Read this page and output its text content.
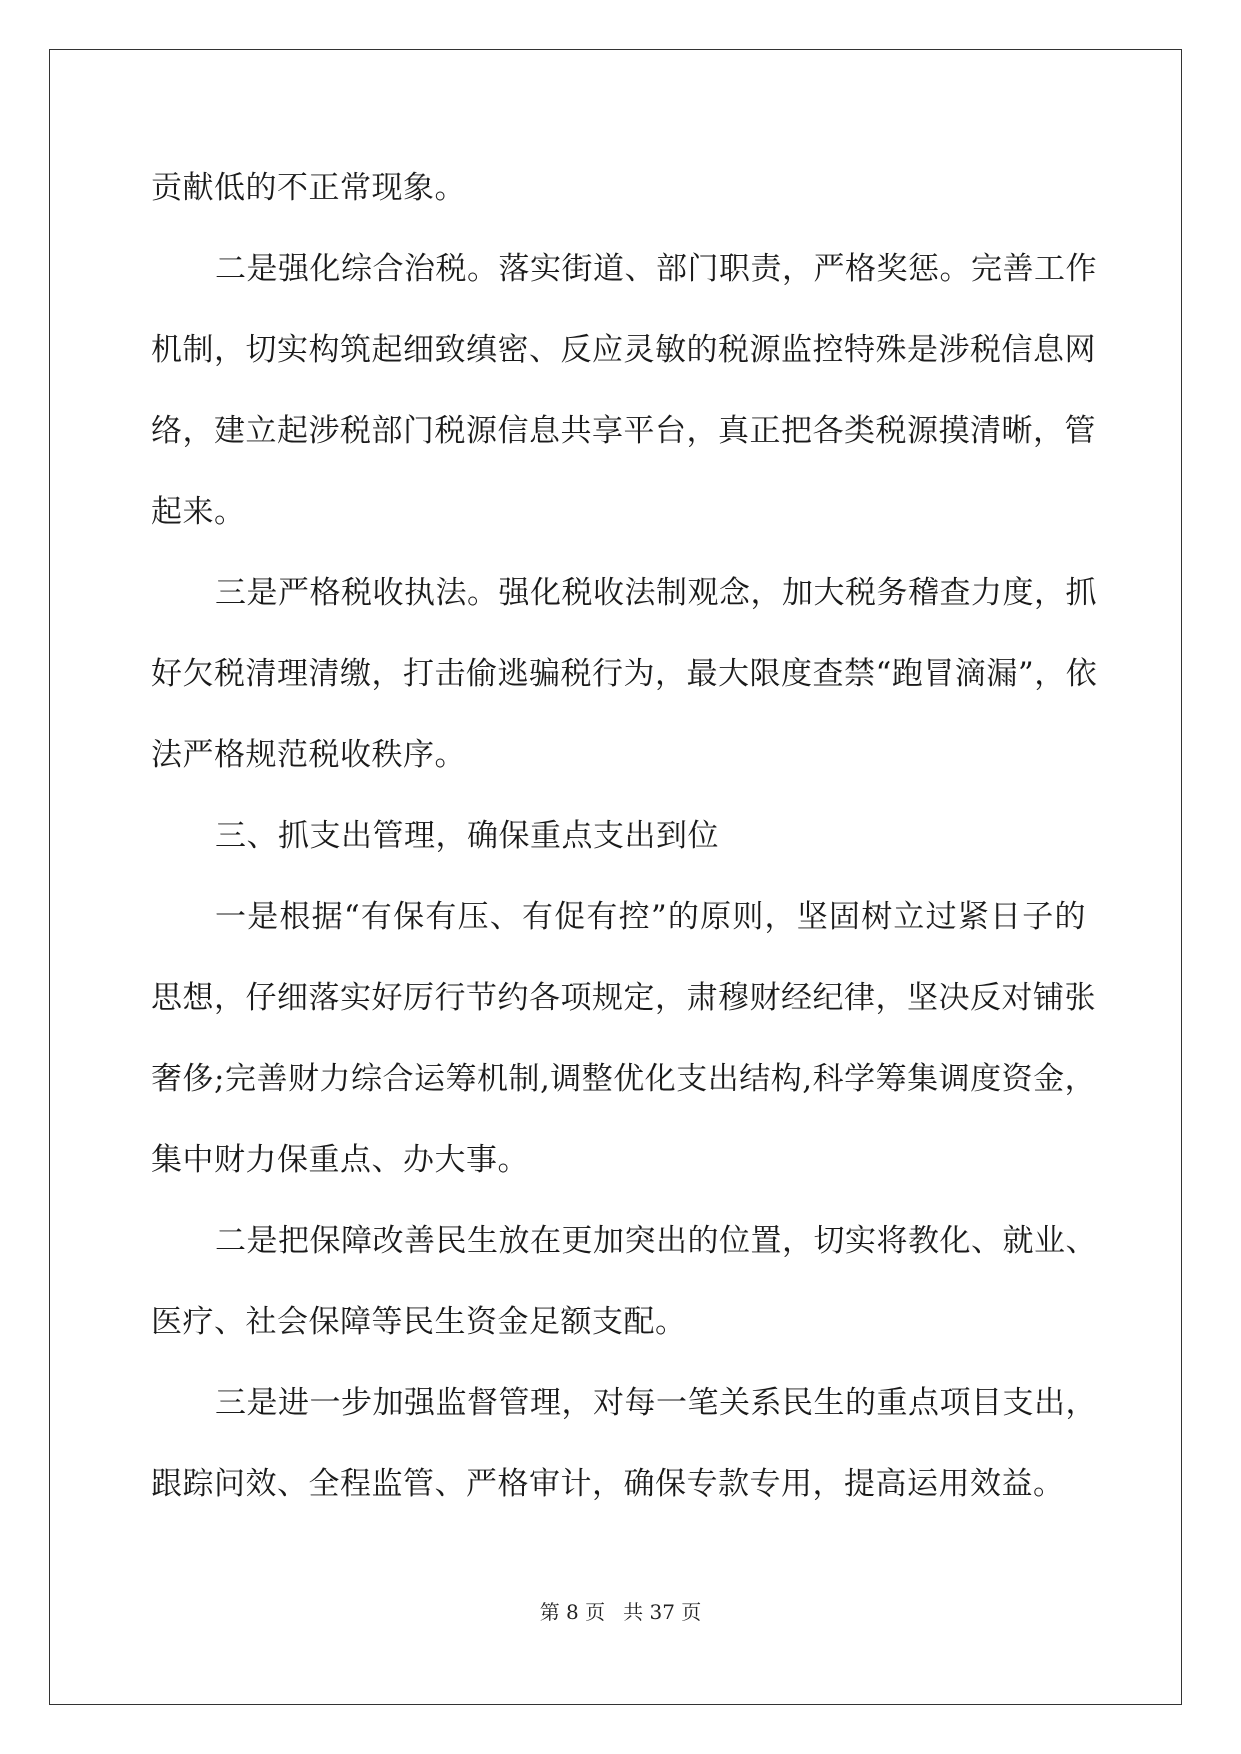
贡献低的不正常现象。
二是强化综合治税。落实街道、部门职责，严格奖惩。完善工作
机制，切实构筑起细致缜密、反应灵敏的税源监控特殊是涉税信息网
络，建立起涉税部门税源信息共享平台，真正把各类税源摸清晰，管
起来。
三是严格税收执法。强化税收法制观念，加大税务稽查力度，抓
好欠税清理清缴，打击偷逃骗税行为，最大限度查禁“跑冒滴漏”，依
法严格规范税收秩序。
三、抓支出管理，确保重点支出到位
一是根据“有保有压、有促有控”的原则，坚固树立过紧日子的
思想，仔细落实好厉行节约各项规定，肃穆财经纪律，坚决反对铺张
奢侈;完善财力综合运筹机制,调整优化支出结构,科学筹集调度资金，
集中财力保重点、办大事。
二是把保障改善民生放在更加突出的位置，切实将教化、就业、
医疗、社会保障等民生资金足额支配。
三是进一步加强监督管理，对每一笔关系民生的重点项目支出，
跟踪问效、全程监管、严格审计，确保专款专用，提高运用效益。
第 8 页 共 37 页
